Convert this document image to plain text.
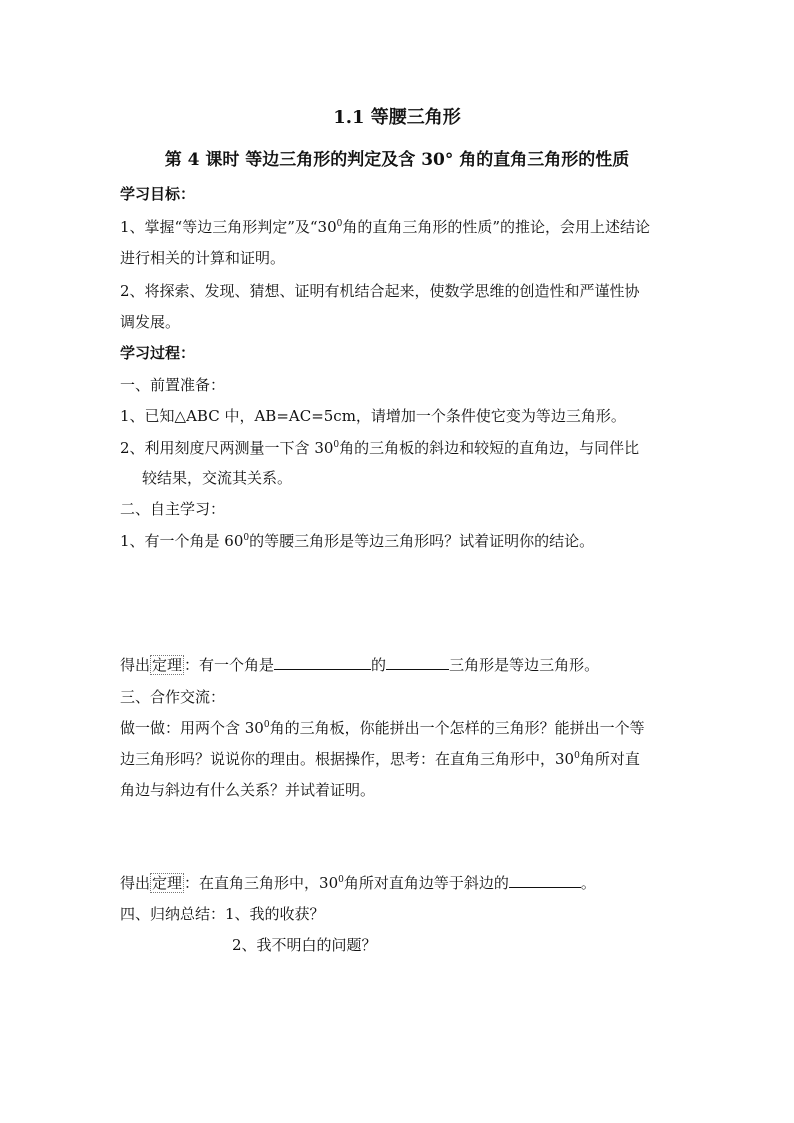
1.1 等腰三角形
第 4 课时 等边三角形的判定及含 30° 角的直角三角形的性质
学习目标：
1、掌握“等边三角形判定”及“$30^0$角的直角三角形的性质”的推论，会用上述结论
进行相关的计算和证明。
2、将探索、发现、猜想、证明有机结合起来，使数学思维的创造性和严谨性协
调发展。
学习过程：
一、前置准备：
1、已知△ABC 中，AB=AC=5cm，请增加一个条件使它变为等边三角形。
2、利用刻度尺两测量一下含 $30^0$角的三角板的斜边和较短的直角边，与同伴比
较结果，交流其关系。
二、自主学习：
1、有一个角是 $60^0$的等腰三角形是等边三角形吗？试着证明你的结论。
得出 定理 ：有一个角是	的	三角形是等边三角形。
三、合作交流：
做一做：用两个含 $30^0$角的三角板，你能拼出一个怎样的三角形？能拼出一个等
边三角形吗？说说你的理由。根据操作，思考：在直角三角形中，$30^0$角所对直
角边与斜边有什么关系？并试着证明。
得出 定理 ：在直角三角形中，$30^0$角所对直角边等于斜边的	。
四、归纳总结：1、我的收获？
2、我不明白的问题？
